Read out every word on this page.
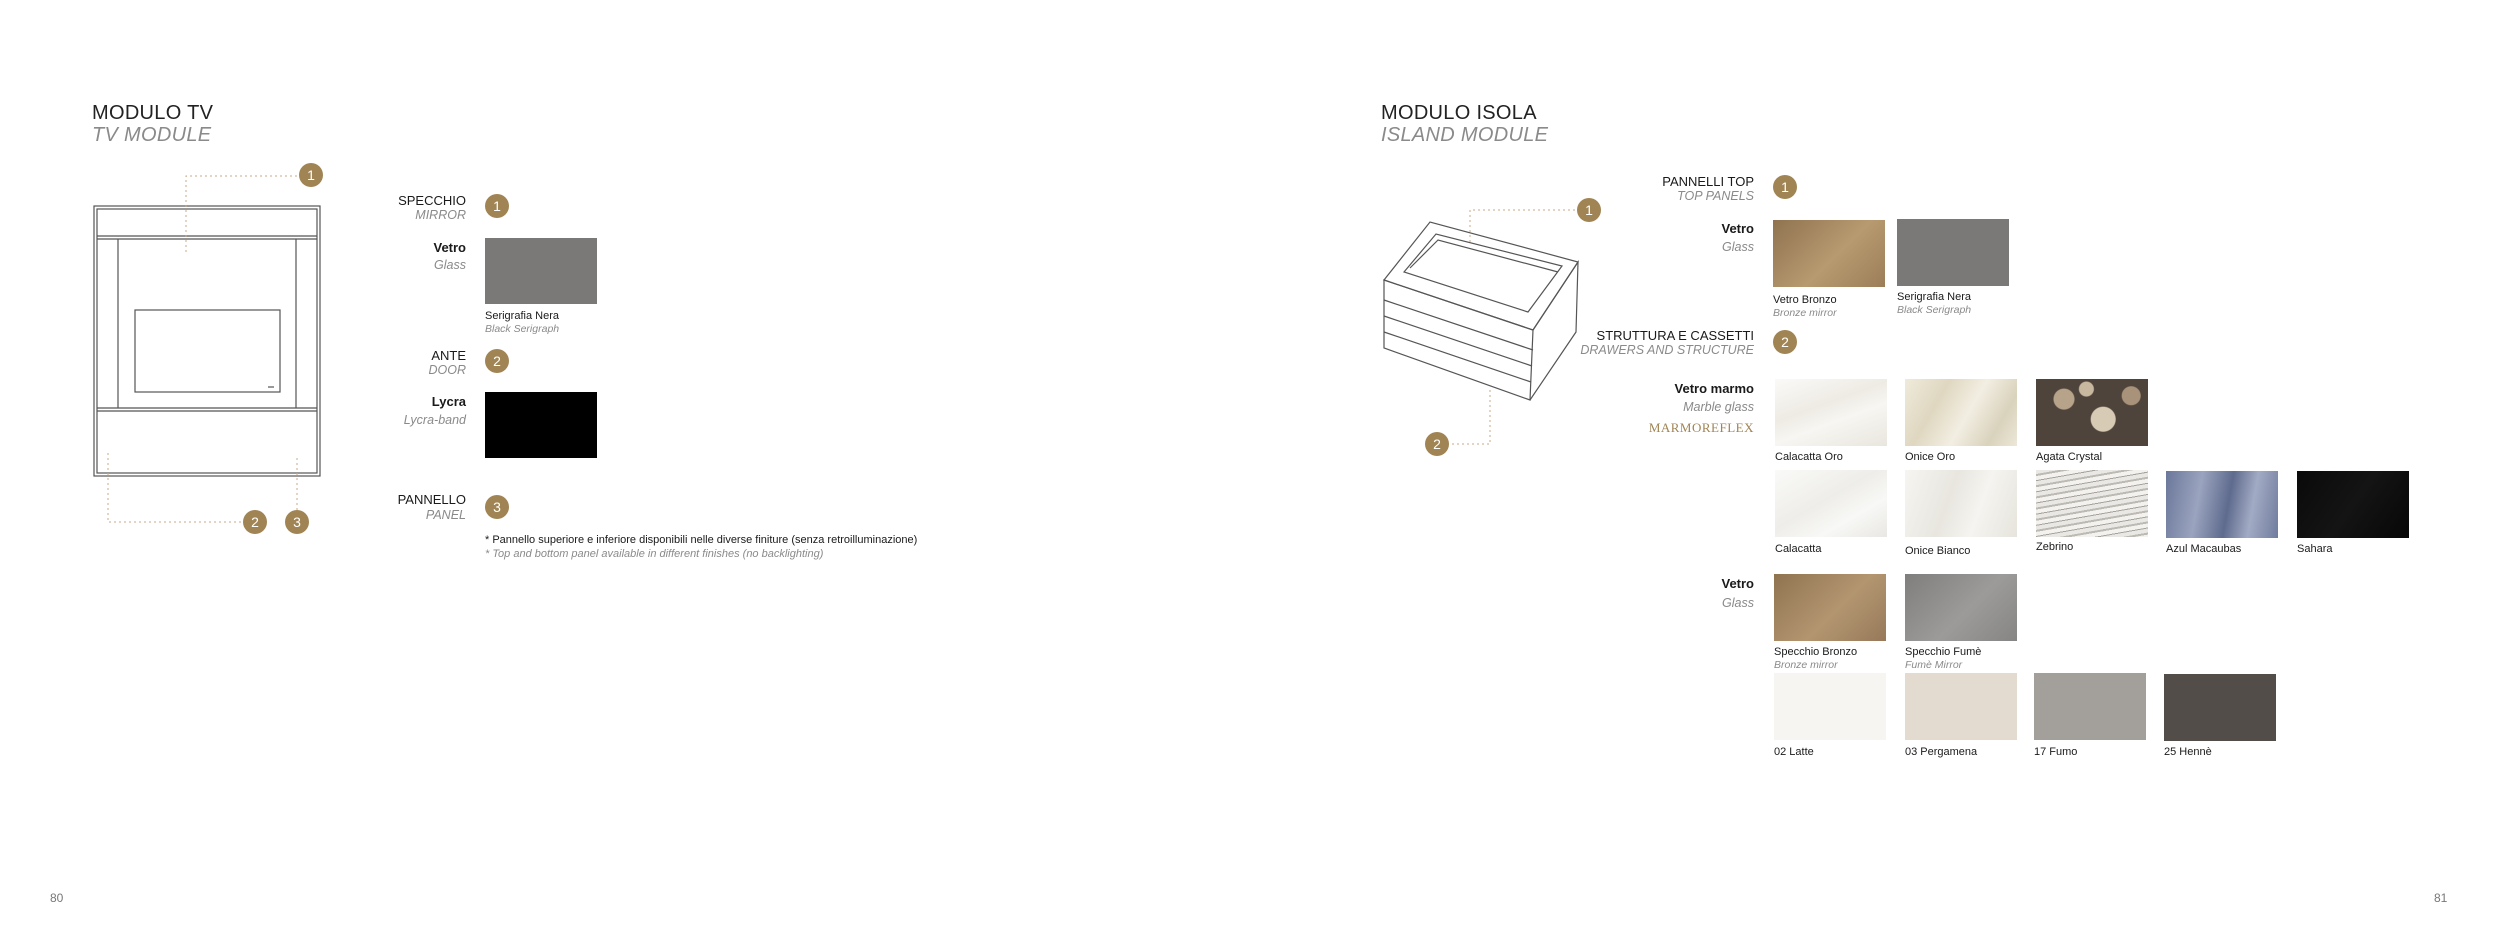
MODULO TV
TV MODULE
1
2	3
SPECCHIO
MIRROR
1
Vetro
Glass
Serigrafia Nera
Black Serigraph
ANTE
DOOR
2
Lycra
Lycra-band
PANNELLO
PANEL	3
* Pannello superiore e inferiore disponibili nelle diverse finiture (senza retroilluminazione)
* Top and bottom panel available in different finishes (no backlighting)
80
MODULO ISOLA
ISLAND MODULE
1
2
PANNELLI TOP
TOP PANELS
1
Vetro
Glass
Vetro Bronzo
Bronze mirror
Serigrafia Nera
Black Serigraph
STRUTTURA E CASSETTI
DRAWERS AND STRUCTURE	2
Vetro marmo
Marble glass
MARMOREFLEX
Calacatta Oro	Onice Oro	Agata Crystal
Calacatta	Onice Bianco	Zebrino	Azul Macaubas	Sahara
Vetro
Glass
Specchio Bronzo
Bronze mirror
Specchio Fumè
Fumè Mirror
02 Latte	03 Pergamena	17 Fumo	25 Hennè
81
